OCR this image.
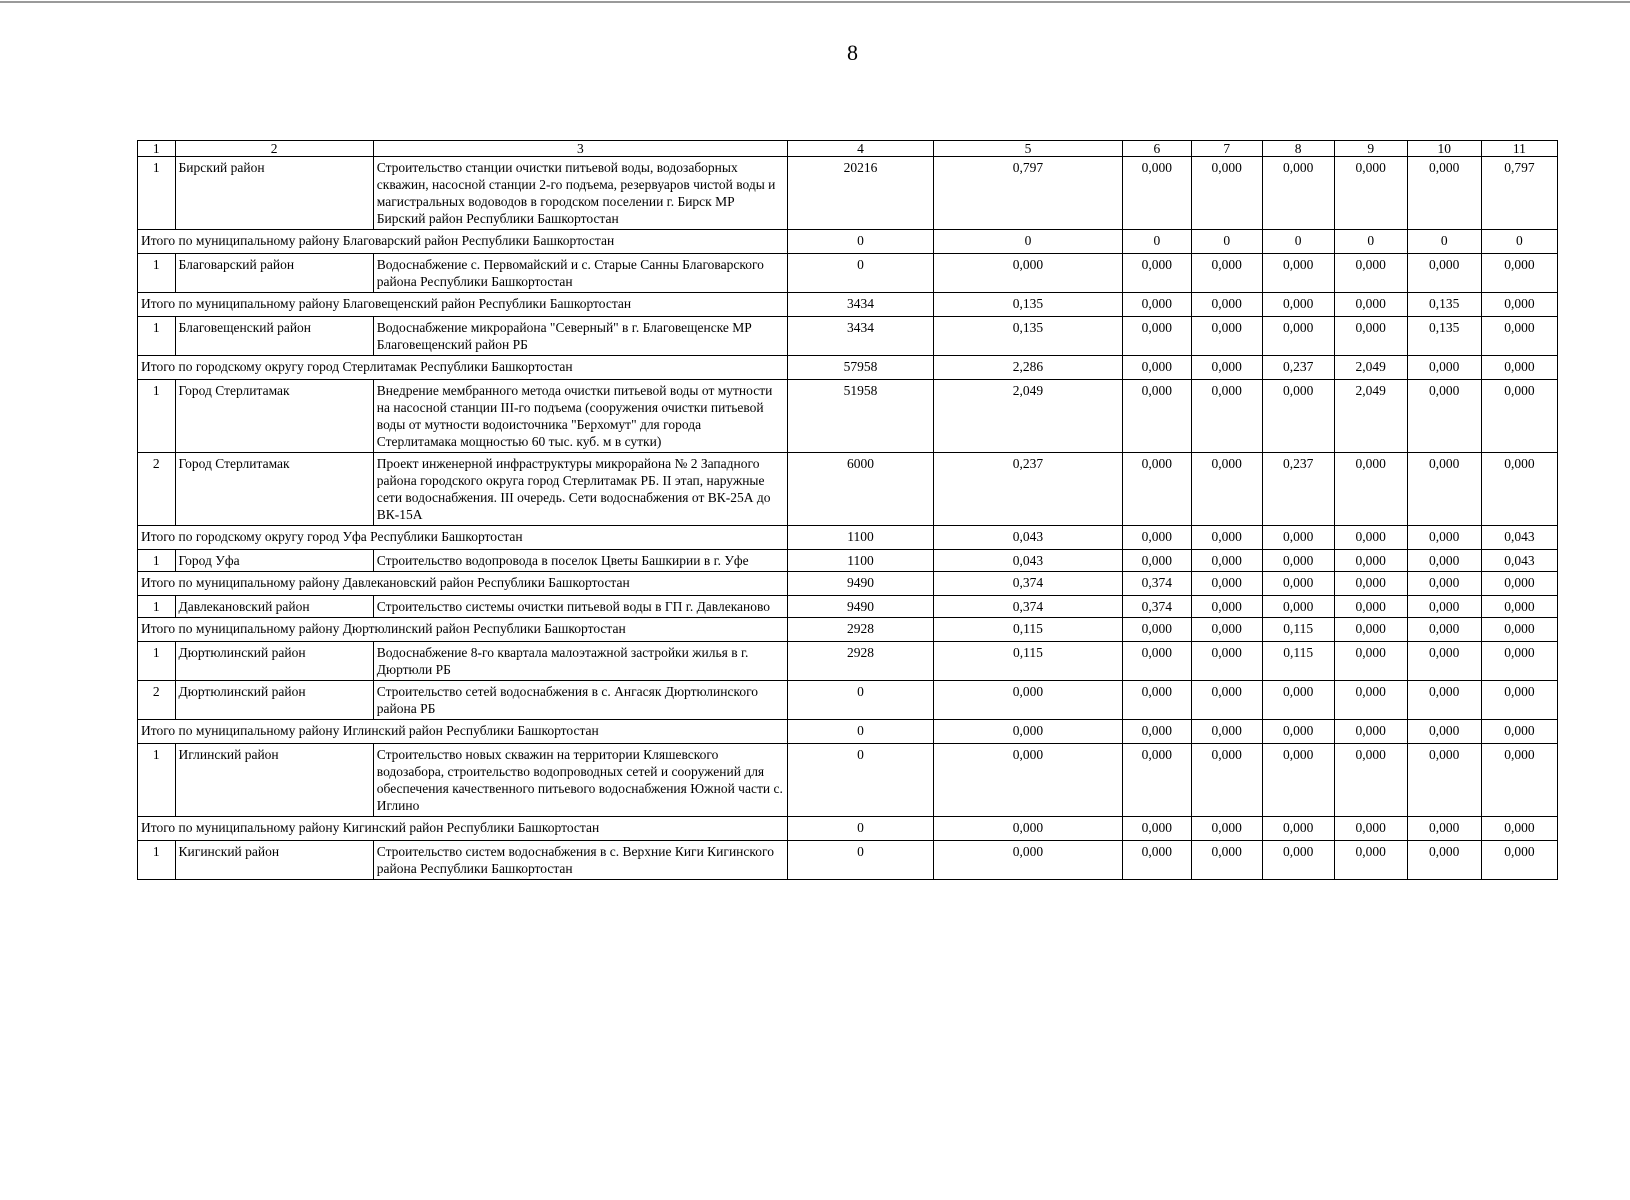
8
1	2	3	4	5	6	7	8	9	10	11
1	Бирский район	Строительство станции очистки питьевой воды, водозаборных скважин, насосной станции 2-го подъема, резервуаров чистой воды и магистральных водоводов в городском поселении г. Бирск МР Бирский район Республики Башкортостан	20216	0,797	0,000	0,000	0,000	0,000	0,000	0,797
Итого по муниципальному району Благоварский район Республики Башкортостан			0	0	0	0	0	0	0	0
1	Благоварский район	Водоснабжение с. Первомайский и с. Старые Санны Благоварского района Республики Башкортостан	0	0,000	0,000	0,000	0,000	0,000	0,000	0,000
Итого по муниципальному району Благовещенский район Республики Башкортостан			3434	0,135	0,000	0,000	0,000	0,000	0,135	0,000
1	Благовещенский район	Водоснабжение микрорайона "Северный" в г. Благовещенске МР Благовещенский район РБ	3434	0,135	0,000	0,000	0,000	0,000	0,135	0,000
Итого по городскому округу город Стерлитамак Республики Башкортостан			57958	2,286	0,000	0,000	0,237	2,049	0,000	0,000
1	Город Стерлитамак	Внедрение мембранного метода очистки питьевой воды от мутности на насосной станции III-го подъема (сооружения очистки питьевой воды от мутности водоисточника "Берхомут" для города Стерлитамака мощностью 60 тыс. куб. м в сутки)	51958	2,049	0,000	0,000	0,000	2,049	0,000	0,000
2	Город Стерлитамак	Проект инженерной инфраструктуры микрорайона № 2 Западного района городского округа город Стерлитамак РБ. II этап, наружные сети водоснабжения. III очередь. Сети водоснабжения от ВК-25А до ВК-15А	6000	0,237	0,000	0,000	0,237	0,000	0,000	0,000
Итого по городскому округу город Уфа Республики Башкортостан			1100	0,043	0,000	0,000	0,000	0,000	0,000	0,043
1	Город Уфа	Строительство водопровода в поселок Цветы Башкирии в г. Уфе	1100	0,043	0,000	0,000	0,000	0,000	0,000	0,043
Итого по муниципальному району Давлекановский район Республики Башкортостан			9490	0,374	0,374	0,000	0,000	0,000	0,000	0,000
1	Давлекановский район	Строительство системы очистки питьевой воды в ГП г. Давлеканово	9490	0,374	0,374	0,000	0,000	0,000	0,000	0,000
Итого по муниципальному району Дюртюлинский район Республики Башкортостан			2928	0,115	0,000	0,000	0,115	0,000	0,000	0,000
1	Дюртюлинский район	Водоснабжение 8-го квартала малоэтажной застройки жилья в г. Дюртюли РБ	2928	0,115	0,000	0,000	0,115	0,000	0,000	0,000
2	Дюртюлинский район	Строительство сетей водоснабжения в с. Ангасяк Дюртюлинского района РБ	0	0,000	0,000	0,000	0,000	0,000	0,000	0,000
Итого по муниципальному району Иглинский район Республики Башкортостан			0	0,000	0,000	0,000	0,000	0,000	0,000	0,000
1	Иглинский район	Строительство новых скважин на территории Кляшевского водозабора, строительство водопроводных сетей и сооружений для обеспечения качественного питьевого водоснабжения Южной части с. Иглино	0	0,000	0,000	0,000	0,000	0,000	0,000	0,000
Итого по муниципальному району Кигинский район Республики Башкортостан			0	0,000	0,000	0,000	0,000	0,000	0,000	0,000
1	Кигинский район	Строительство систем водоснабжения в с. Верхние Киги Кигинского района Республики Башкортостан	0	0,000	0,000	0,000	0,000	0,000	0,000	0,000
